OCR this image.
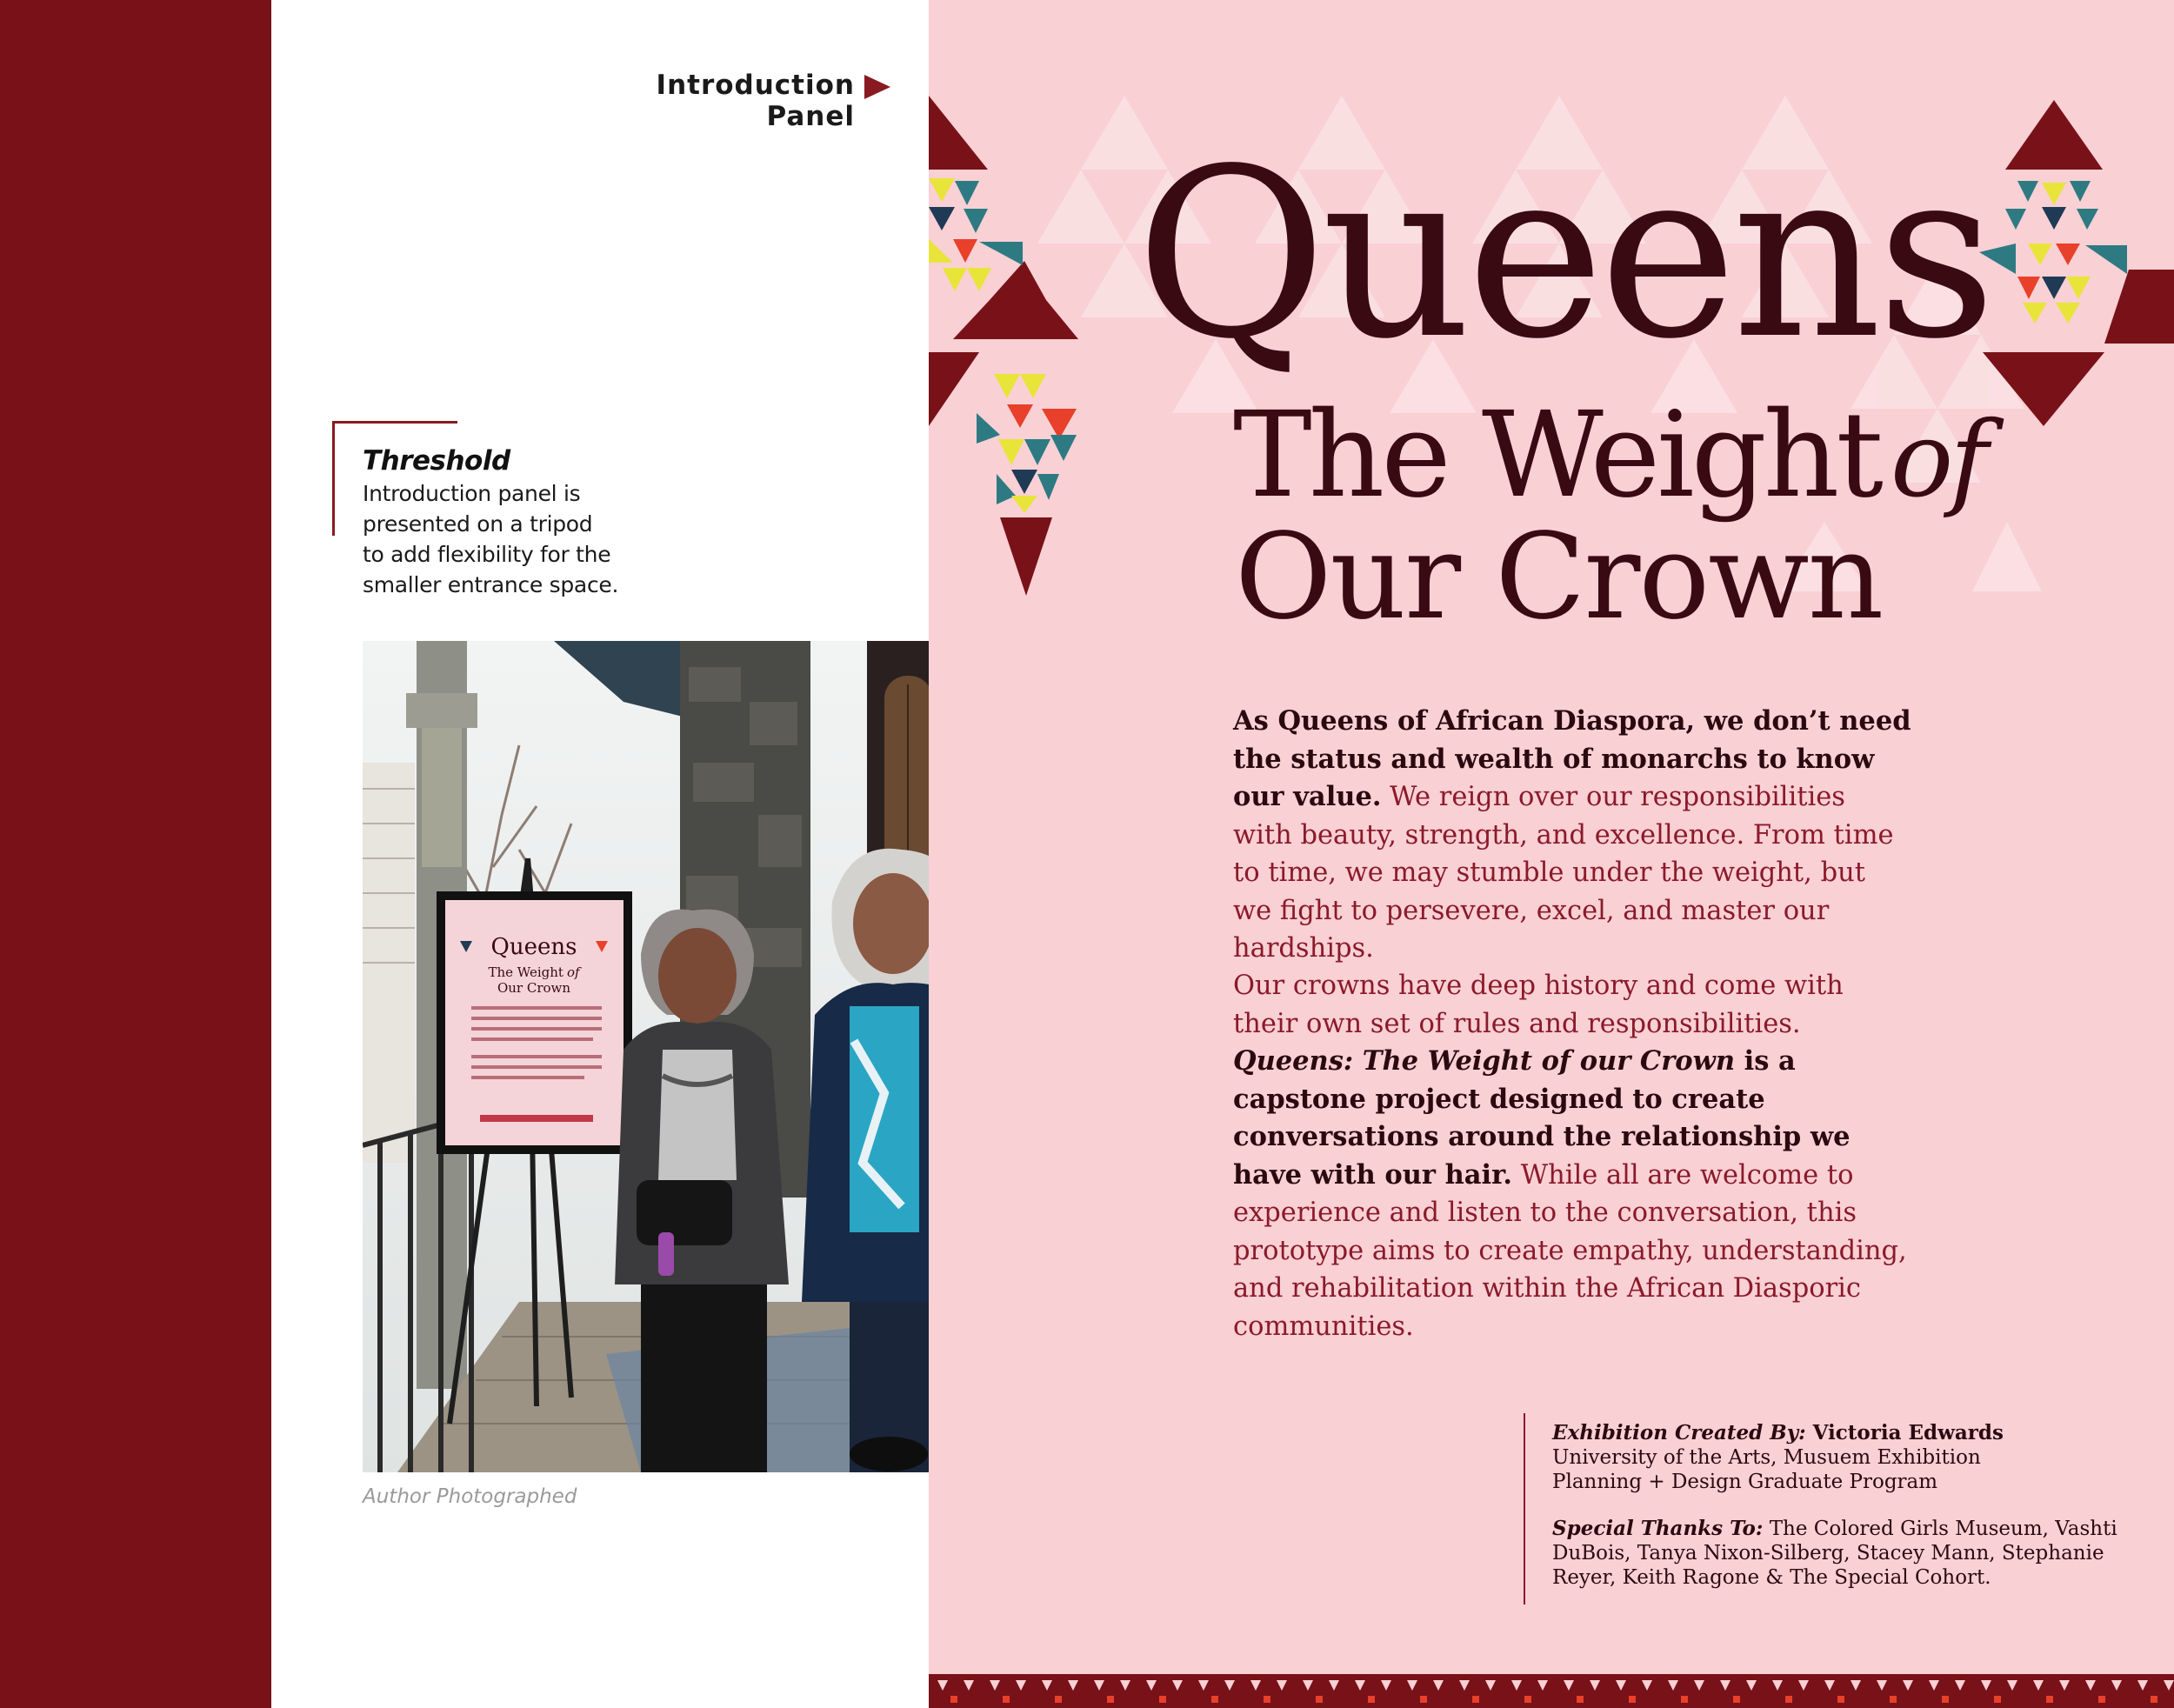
Introduction
Panel
Threshold
Introduction panel is
presented on a tripod
to add flexibility for the
smaller entrance space.
Queens
The Weight of
Our Crown
Author Photographed
Queens
The Weight of
Our Crown
As Queens of African Diaspora, we don’t need the status and wealth of monarchs to know our value. We reign over our responsibilities with beauty, strength, and excellence. From time to time, we may stumble under the weight, but we fight to persevere, excel, and master our hardships.
Our crowns have deep history and come with their own set of rules and responsibilities. Queens: The Weight of our Crown is a capstone project designed to create conversations around the relationship we have with our hair. While all are welcome to experience and listen to the conversation, this prototype aims to create empathy, understanding, and rehabilitation within the African Diasporic communities.
Exhibition Created By: Victoria Edwards
University of the Arts, Musuem Exhibition
Planning + Design Graduate Program
Special Thanks To: The Colored Girls Museum, Vashti DuBois, Tanya Nixon-Silberg, Stacey Mann, Stephanie Reyer, Keith Ragone & The Special Cohort.
